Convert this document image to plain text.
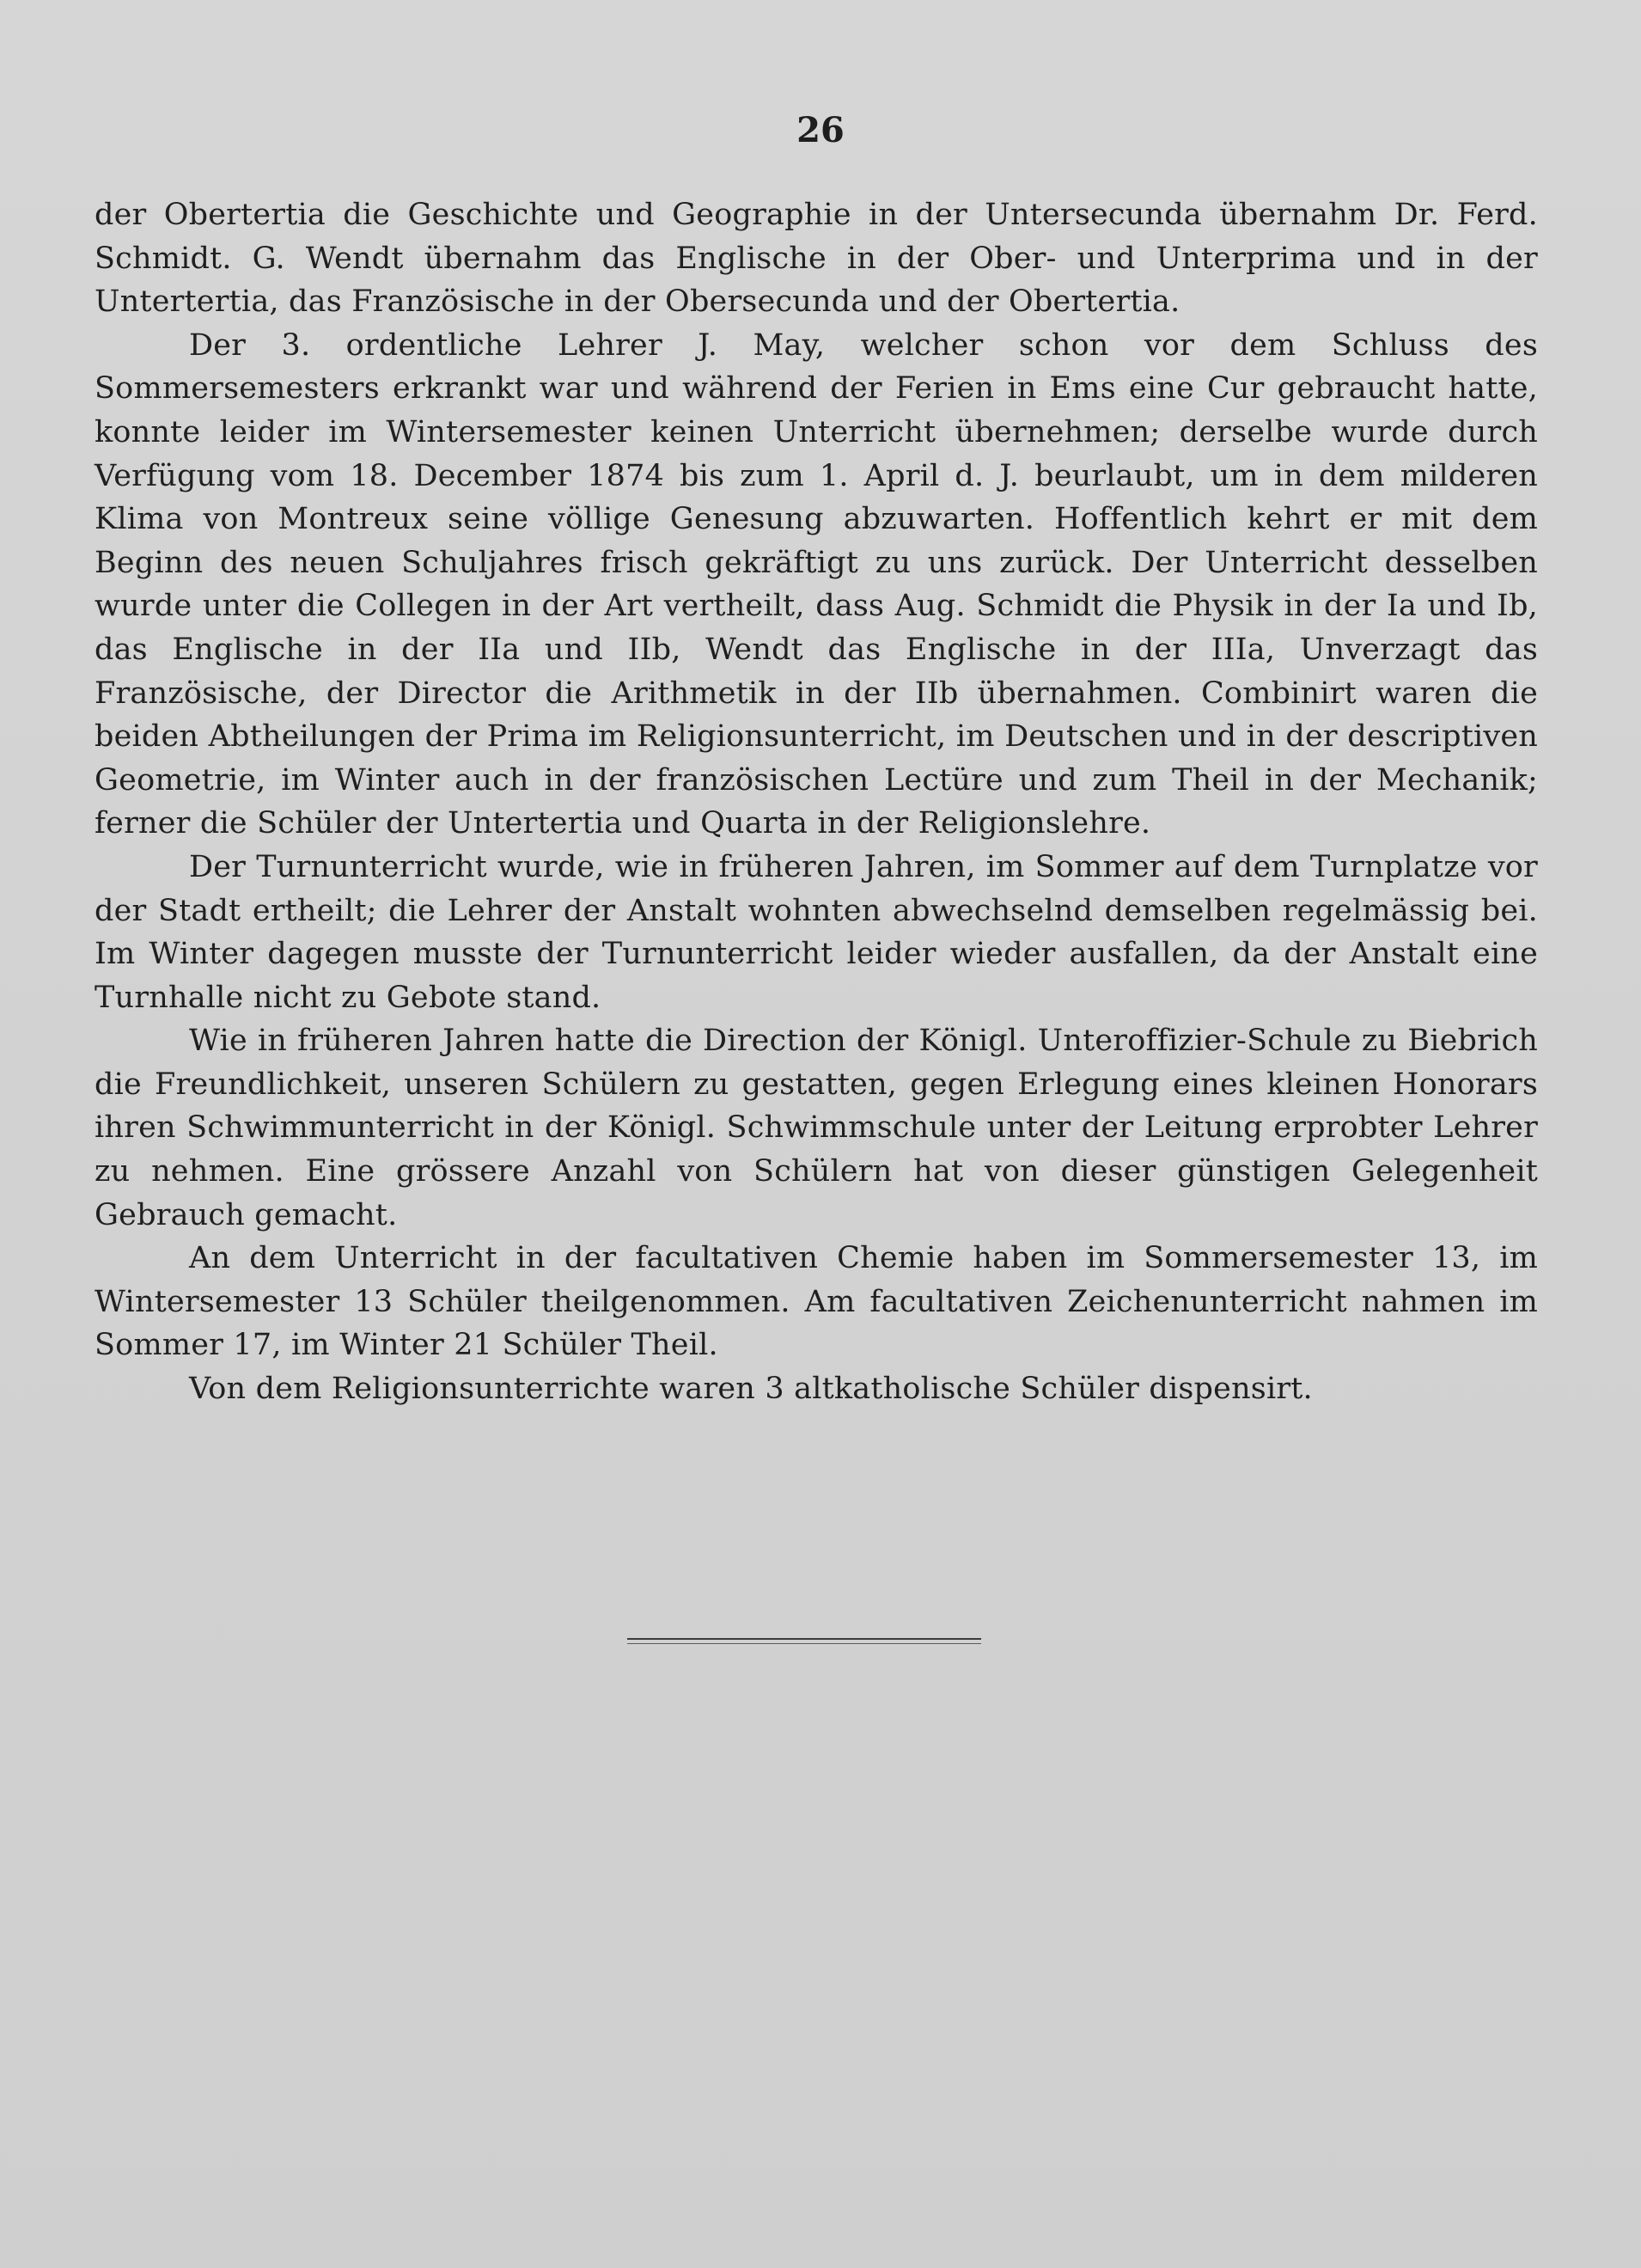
26

der Obertertia die Geschichte und Geographie in der Untersecunda übernahm Dr. Ferd. Schmidt. G. Wendt übernahm das Englische in der Ober- und Unterprima und in der Untertertia, das Französische in der Obersecunda und der Obertertia.

Der 3. ordentliche Lehrer J. May, welcher schon vor dem Schluss des Sommersemesters erkrankt war und während der Ferien in Ems eine Cur gebraucht hatte, konnte leider im Wintersemester keinen Unterricht übernehmen; derselbe wurde durch Verfügung vom 18. December 1874 bis zum 1. April d. J. beurlaubt, um in dem milderen Klima von Montreux seine völlige Genesung abzuwarten. Hoffentlich kehrt er mit dem Beginn des neuen Schuljahres frisch gekräftigt zu uns zurück. Der Unterricht desselben wurde unter die Collegen in der Art vertheilt, dass Aug. Schmidt die Physik in der Ia und Ib, das Englische in der IIa und IIb, Wendt das Englische in der IIIa, Unverzagt das Französische, der Director die Arithmetik in der IIb übernahmen. Combinirt waren die beiden Abtheilungen der Prima im Religionsunterricht, im Deutschen und in der descriptiven Geometrie, im Winter auch in der französischen Lectüre und zum Theil in der Mechanik; ferner die Schüler der Untertertia und Quarta in der Religionslehre.

Der Turnunterricht wurde, wie in früheren Jahren, im Sommer auf dem Turnplatze vor der Stadt ertheilt; die Lehrer der Anstalt wohnten abwechselnd demselben regelmässig bei. Im Winter dagegen musste der Turnunterricht leider wieder ausfallen, da der Anstalt eine Turnhalle nicht zu Gebote stand.

Wie in früheren Jahren hatte die Direction der Königl. Unteroffizier-Schule zu Biebrich die Freundlichkeit, unseren Schülern zu gestatten, gegen Erlegung eines kleinen Honorars ihren Schwimmunterricht in der Königl. Schwimmschule unter der Leitung erprobter Lehrer zu nehmen. Eine grössere Anzahl von Schülern hat von dieser günstigen Gelegenheit Gebrauch gemacht.

An dem Unterricht in der facultativen Chemie haben im Sommersemester 13, im Wintersemester 13 Schüler theilgenommen. Am facultativen Zeichenunterricht nahmen im Sommer 17, im Winter 21 Schüler Theil.

Von dem Religionsunterrichte waren 3 altkatholische Schüler dispensirt.
